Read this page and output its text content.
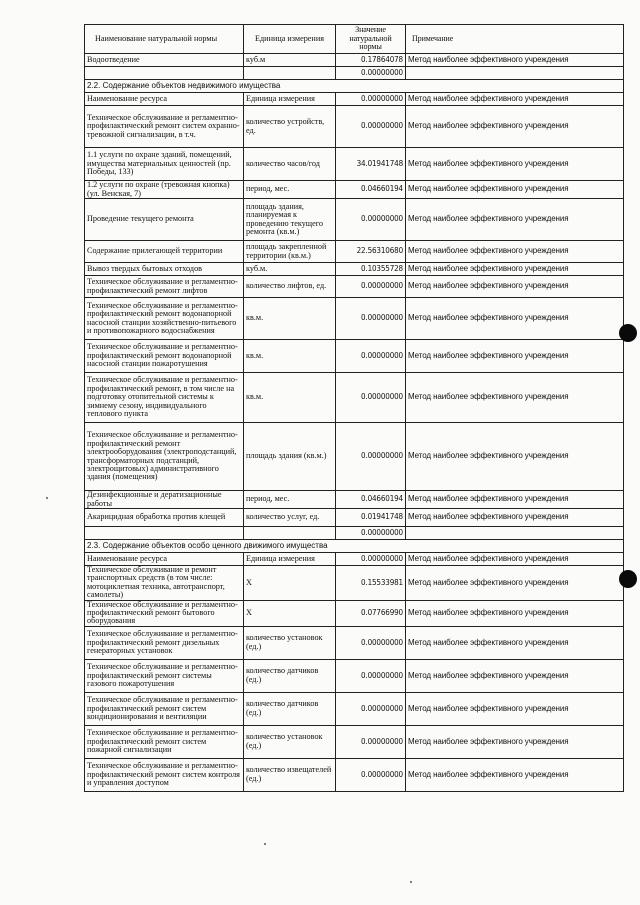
Наименование натуральной нормы	Единица измерения	Значение натуральной нормы	Примечание
Водоотведение	куб.м	0.17864078	Метод наиболее эффективного учреждения
		0.00000000	
2.2. Содержание объектов недвижимого имущества			
Наименование ресурса	Единица измерения	0.00000000	Метод наиболее эффективного учреждения
Техническое обслуживание и регламентно-профилактический ремонт систем охранно-тревожной сигнализации, в т.ч.	количество устройств, ед.	0.00000000	Метод наиболее эффективного учреждения
1.1 услуги по охране зданий, помещений, имущества материальных ценностей (пр. Победы, 133)	количество часов/год	34.01941748	Метод наиболее эффективного учреждения
1.2 услуги по охране (тревожная кнопка) (ул. Венская, 7)	период, мес.	0.04660194	Метод наиболее эффективного учреждения
Проведение текущего ремонта	площадь здания, планируемая к проведению текущего ремонта (кв.м.)	0.00000000	Метод наиболее эффективного учреждения
Содержание прилегающей территории	площадь закрепленной территории (кв.м.)	22.56310680	Метод наиболее эффективного учреждения
Вывоз твердых бытовых отходов	куб.м.	0.10355728	Метод наиболее эффективного учреждения
Техническое обслуживание и регламентно-профилактический ремонт лифтов	количество лифтов, ед.	0.00000000	Метод наиболее эффективного учреждения
Техническое обслуживание и регламентно-профилактический ремонт водонапорной насосной станции хозяйственно-питьевого и противопожарного водоснабжения	кв.м.	0.00000000	Метод наиболее эффективного учреждения
Техническое обслуживание и регламентно-профилактический ремонт водонапорной насосной станции пожаротушения	кв.м.	0.00000000	Метод наиболее эффективного учреждения
Техническое обслуживание и регламентно-профилактический ремонт, в том числе на подготовку отопительной системы к зимнему сезону, индивидуального теплового пункта	кв.м.	0.00000000	Метод наиболее эффективного учреждения
Техническое обслуживание и регламентно-профилактический ремонт электрооборудования (электроподстанций, трансформаторных подстанций, электрощитовых) административного здания (помещения)	площадь здания (кв.м.)	0.00000000	Метод наиболее эффективного учреждения
Дезинфекционные и дератизационные работы	период, мес.	0.04660194	Метод наиболее эффективного учреждения
Акарицидная обработка против клещей	количество услуг, ед.	0.01941748	Метод наиболее эффективного учреждения
		0.00000000	
2.3. Содержание объектов особо ценного движимого имущества			
Наименование ресурса	Единица измерения	0.00000000	Метод наиболее эффективного учреждения
Техническое обслуживание и ремонт транспортных средств (в том числе: мотоциклетная техника, автотранспорт, самолеты)	Х	0.15533981	Метод наиболее эффективного учреждения
Техническое обслуживание и регламентно-профилактический ремонт бытового оборудования	Х	0.07766990	Метод наиболее эффективного учреждения
Техническое обслуживание и регламентно-профилактический ремонт дизельных генераторных установок	количество установок (ед.)	0.00000000	Метод наиболее эффективного учреждения
Техническое обслуживание и регламентно-профилактический ремонт системы газового пожаротушения	количество датчиков (ед.)	0.00000000	Метод наиболее эффективного учреждения
Техническое обслуживание и регламентно-профилактический ремонт систем кондиционирования и вентиляции	количество датчиков (ед.)	0.00000000	Метод наиболее эффективного учреждения
Техническое обслуживание и регламентно-профилактический ремонт систем пожарной сигнализации	количество установок (ед.)	0.00000000	Метод наиболее эффективного учреждения
Техническое обслуживание и регламентно-профилактический ремонт систем контроля и управления доступом	количество извещателей (ед.)	0.00000000	Метод наиболее эффективного учреждения
